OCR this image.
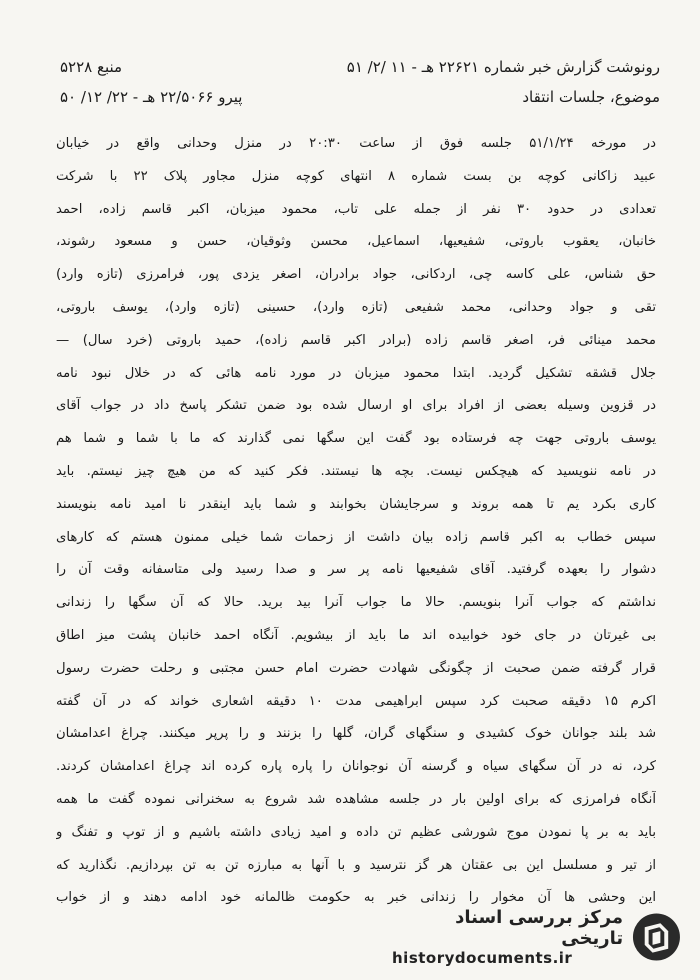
رونوشت گزارش خبر شماره ۲۲۶۲۱ هـ - ۱۱ /۲/ ۵۱
منبع ۵۲۲۸
موضوع، جلسات انتقاد
پیرو ۲۲/۵۰۶۶ هـ - ۲۲/ ۱۲/ ۵۰
در مورخه ۵۱/۱/۲۴ جلسه فوق از ساعت ۲۰:۳۰ در منزل وحدانی واقع در خیابان
عبید زاکانی کوچه بن بست شماره ۸ انتهای کوچه منزل مجاور پلاک ۲۲ با شرکت
تعدادی در حدود ۳۰ نفر از جمله علی تاب، محمود میزبان، اکبر قاسم زاده، احمد
خانبان، یعقوب باروتی، شفیعیها، اسماعیل، محسن وثوقیان، حسن و مسعود رشوند،
حق شناس، علی کاسه چی، اردکانی، جواد برادران، اصغر یزدی پور، فرامرزی (تازه وارد)
تقی و جواد وحدانی، محمد شفیعی (تازه وارد)، حسینی (تازه وارد)، یوسف باروتی،
محمد مینائی فر، اصغر قاسم زاده (برادر اکبر قاسم زاده)، حمید باروتی (خرد سال) —
جلال قشقه تشکیل گردید. ابتدا محمود میزبان در مورد نامه هائی که در خلال نبود نامه
در قزوین وسیله بعضی از افراد برای او ارسال شده بود ضمن تشکر پاسخ داد در جواب آقای
یوسف باروتی جهت چه فرستاده بود گفت این سگها نمی گذارند که ما با شما و شما هم
در نامه ننویسید که هیچکس نیست. بچه ها نیستند. فکر کنید که من هیچ چیز نیستم. باید
کاری بکرد یم تا همه بروند و سرجایشان بخوابند و شما باید اینقدر نا امید نامه بنویسند
سپس خطاب به اکبر قاسم زاده بیان داشت از زحمات شما خیلی ممنون هستم که کارهای
دشوار را بعهده گرفتید. آقای شفیعیها نامه پر سر و صدا رسید ولی متاسفانه وقت آن را
نداشتم که جواب آنرا بنویسم. حالا ما جواب آنرا بید برید. حالا که آن سگها را زندانی
بی غیرتان در جای خود خوابیده اند ما باید از بیشویم. آنگاه احمد خانبان پشت میز اطاق
قرار گرفته ضمن صحبت از چگونگی شهادت حضرت امام حسن مجتبی و رحلت حضرت رسول
اکرم ۱۵ دقیقه صحبت کرد سپس ابراهیمی مدت ۱۰ دقیقه اشعاری خواند که در آن گفته
شد بلند جوانان خوک کشیدی و سنگهای گران، گلها را بزنند و را پرپر میکنند. چراغ اعدامشان
کرد، نه در آن سگهای سیاه و گرسنه آن نوجوانان را پاره پاره کرده اند چراغ اعدامشان کردند.
آنگاه فرامرزی که برای اولین بار در جلسه مشاهده شد شروع به سخنرانی نموده گفت ما همه
باید به بر پا نمودن موج شورشی عظیم تن داده و امید زیادی داشته باشیم و از توپ و تفنگ و
از تیر و مسلسل این بی عقتان هر گز نترسید و با آنها به مبارزه تن به تن بپردازیم. نگذارید که
این وحشی ها آن مخوار را زندانی خبر به حکومت ظالمانه خود ادامه دهند و از خواب
مرکز بررسی اسناد تاریخی
historydocuments.ir
